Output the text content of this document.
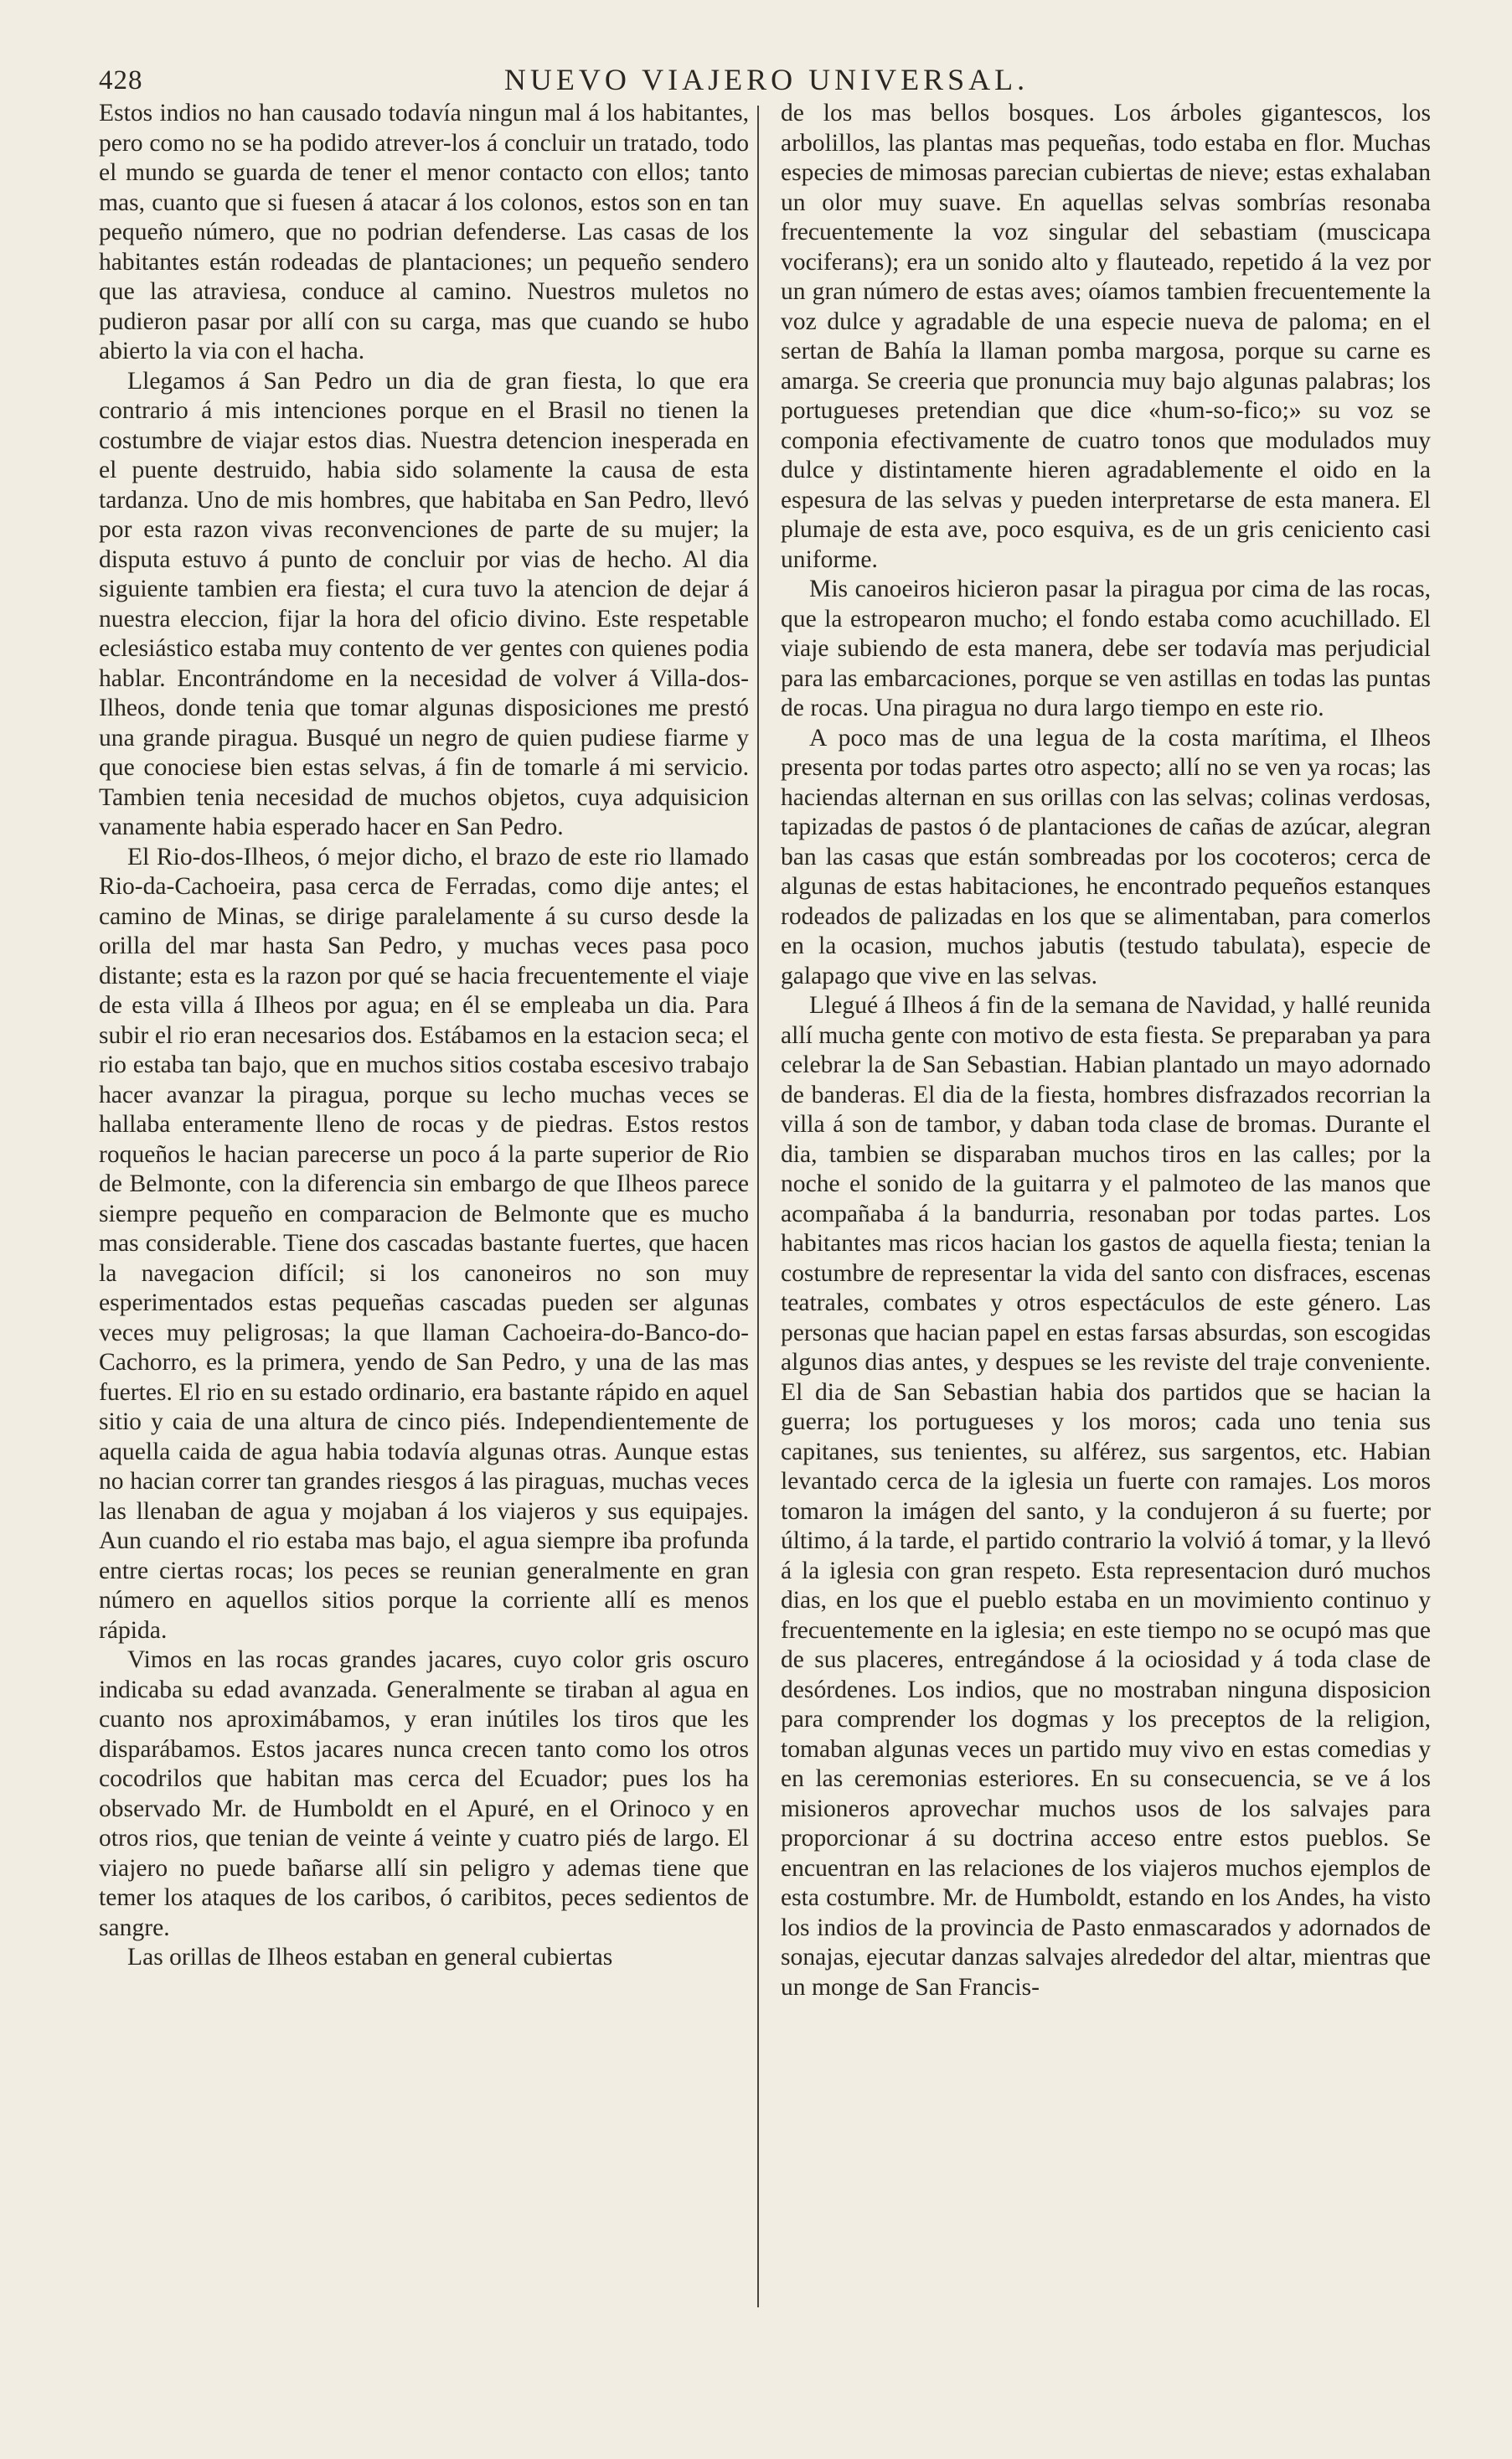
428	NUEVO VIAJERO UNIVERSAL.

Estos indios no han causado todavía ningun mal á los habitantes, pero como no se ha podido atrever-los á concluir un tratado, todo el mundo se guarda de tener el menor contacto con ellos; tanto mas, cuanto que si fuesen á atacar á los colonos, estos son en tan pequeño número, que no podrian defenderse. Las casas de los habitantes están rodeadas de plantaciones; un pequeño sendero que las atraviesa, conduce al camino. Nuestros muletos no pudieron pasar por allí con su carga, mas que cuando se hubo abierto la via con el hacha.

Llegamos á San Pedro un dia de gran fiesta, lo que era contrario á mis intenciones porque en el Brasil no tienen la costumbre de viajar estos dias. Nuestra detencion inesperada en el puente destruido, habia sido solamente la causa de esta tardanza. Uno de mis hombres, que habitaba en San Pedro, llevó por esta razon vivas reconvenciones de parte de su mujer; la disputa estuvo á punto de concluir por vias de hecho. Al dia siguiente tambien era fiesta; el cura tuvo la atencion de dejar á nuestra eleccion, fijar la hora del oficio divino. Este respetable eclesiástico estaba muy contento de ver gentes con quienes podia hablar. Encontrándome en la necesidad de volver á Villa-dos-Ilheos, donde tenia que tomar algunas disposiciones me prestó una grande piragua. Busqué un negro de quien pudiese fiarme y que conociese bien estas selvas, á fin de tomarle á mi servicio. Tambien tenia necesidad de muchos objetos, cuya adquisicion vanamente habia esperado hacer en San Pedro.

El Rio-dos-Ilheos, ó mejor dicho, el brazo de este rio llamado Rio-da-Cachoeira, pasa cerca de Ferradas, como dije antes; el camino de Minas, se dirige paralelamente á su curso desde la orilla del mar hasta San Pedro, y muchas veces pasa poco distante; esta es la razon por qué se hacia frecuentemente el viaje de esta villa á Ilheos por agua; en él se empleaba un dia. Para subir el rio eran necesarios dos. Estábamos en la estacion seca; el rio estaba tan bajo, que en muchos sitios costaba escesivo trabajo hacer avanzar la piragua, porque su lecho muchas veces se hallaba enteramente lleno de rocas y de piedras. Estos restos roqueños le hacian parecerse un poco á la parte superior de Rio de Belmonte, con la diferencia sin embargo de que Ilheos parece siempre pequeño en comparacion de Belmonte que es mucho mas considerable. Tiene dos cascadas bastante fuertes, que hacen la navegacion difícil; si los canoneiros no son muy esperimentados estas pequeñas cascadas pueden ser algunas veces muy peligrosas; la que llaman Cachoeira-do-Banco-do-Cachorro, es la primera, yendo de San Pedro, y una de las mas fuertes. El rio en su estado ordinario, era bastante rápido en aquel sitio y caia de una altura de cinco piés. Independientemente de aquella caida de agua habia todavía algunas otras. Aunque estas no hacian correr tan grandes riesgos á las piraguas, muchas veces las llenaban de agua y mojaban á los viajeros y sus equipajes. Aun cuando el rio estaba mas bajo, el agua siempre iba profunda entre ciertas rocas; los peces se reunian generalmente en gran número en aquellos sitios porque la corriente allí es menos rápida.

Vimos en las rocas grandes jacares, cuyo color gris oscuro indicaba su edad avanzada. Generalmente se tiraban al agua en cuanto nos aproximábamos, y eran inútiles los tiros que les disparábamos. Estos jacares nunca crecen tanto como los otros cocodrilos que habitan mas cerca del Ecuador; pues los ha observado Mr. de Humboldt en el Apuré, en el Orinoco y en otros rios, que tenian de veinte á veinte y cuatro piés de largo. El viajero no puede bañarse allí sin peligro y ademas tiene que temer los ataques de los caribos, ó caribitos, peces sedientos de sangre.

Las orillas de Ilheos estaban en general cubiertas

de los mas bellos bosques. Los árboles gigantescos, los arbolillos, las plantas mas pequeñas, todo estaba en flor. Muchas especies de mimosas parecian cubiertas de nieve; estas exhalaban un olor muy suave. En aquellas selvas sombrías resonaba frecuentemente la voz singular del sebastiam (muscicapa vociferans); era un sonido alto y flauteado, repetido á la vez por un gran número de estas aves; oíamos tambien frecuentemente la voz dulce y agradable de una especie nueva de paloma; en el sertan de Bahía la llaman pomba margosa, porque su carne es amarga. Se creeria que pronuncia muy bajo algunas palabras; los portugueses pretendian que dice «hum-so-fico;» su voz se componia efectivamente de cuatro tonos que modulados muy dulce y distintamente hieren agradablemente el oido en la espesura de las selvas y pueden interpretarse de esta manera. El plumaje de esta ave, poco esquiva, es de un gris ceniciento casi uniforme.

Mis canoeiros hicieron pasar la piragua por cima de las rocas, que la estropearon mucho; el fondo estaba como acuchillado. El viaje subiendo de esta manera, debe ser todavía mas perjudicial para las embarcaciones, porque se ven astillas en todas las puntas de rocas. Una piragua no dura largo tiempo en este rio.

A poco mas de una legua de la costa marítima, el Ilheos presenta por todas partes otro aspecto; allí no se ven ya rocas; las haciendas alternan en sus orillas con las selvas; colinas verdosas, tapizadas de pastos ó de plantaciones de cañas de azúcar, alegran ban las casas que están sombreadas por los cocoteros; cerca de algunas de estas habitaciones, he encontrado pequeños estanques rodeados de palizadas en los que se alimentaban, para comerlos en la ocasion, muchos jabutis (testudo tabulata), especie de galapago que vive en las selvas.

Llegué á Ilheos á fin de la semana de Navidad, y hallé reunida allí mucha gente con motivo de esta fiesta. Se preparaban ya para celebrar la de San Sebastian. Habian plantado un mayo adornado de banderas. El dia de la fiesta, hombres disfrazados recorrian la villa á son de tambor, y daban toda clase de bromas. Durante el dia, tambien se disparaban muchos tiros en las calles; por la noche el sonido de la guitarra y el palmoteo de las manos que acompañaba á la bandurria, resonaban por todas partes. Los habitantes mas ricos hacian los gastos de aquella fiesta; tenian la costumbre de representar la vida del santo con disfraces, escenas teatrales, combates y otros espectáculos de este género. Las personas que hacian papel en estas farsas absurdas, son escogidas algunos dias antes, y despues se les reviste del traje conveniente. El dia de San Sebastian habia dos partidos que se hacian la guerra; los portugueses y los moros; cada uno tenia sus capitanes, sus tenientes, su alférez, sus sargentos, etc. Habian levantado cerca de la iglesia un fuerte con ramajes. Los moros tomaron la imágen del santo, y la condujeron á su fuerte; por último, á la tarde, el partido contrario la volvió á tomar, y la llevó á la iglesia con gran respeto. Esta representacion duró muchos dias, en los que el pueblo estaba en un movimiento continuo y frecuentemente en la iglesia; en este tiempo no se ocupó mas que de sus placeres, entregándose á la ociosidad y á toda clase de desórdenes. Los indios, que no mostraban ninguna disposicion para comprender los dogmas y los preceptos de la religion, tomaban algunas veces un partido muy vivo en estas comedias y en las ceremonias esteriores. En su consecuencia, se ve á los misioneros aprovechar muchos usos de los salvajes para proporcionar á su doctrina acceso entre estos pueblos. Se encuentran en las relaciones de los viajeros muchos ejemplos de esta costumbre. Mr. de Humboldt, estando en los Andes, ha visto los indios de la provincia de Pasto enmascarados y adornados de sonajas, ejecutar danzas salvajes alrededor del altar, mientras que un monge de San Francis-
